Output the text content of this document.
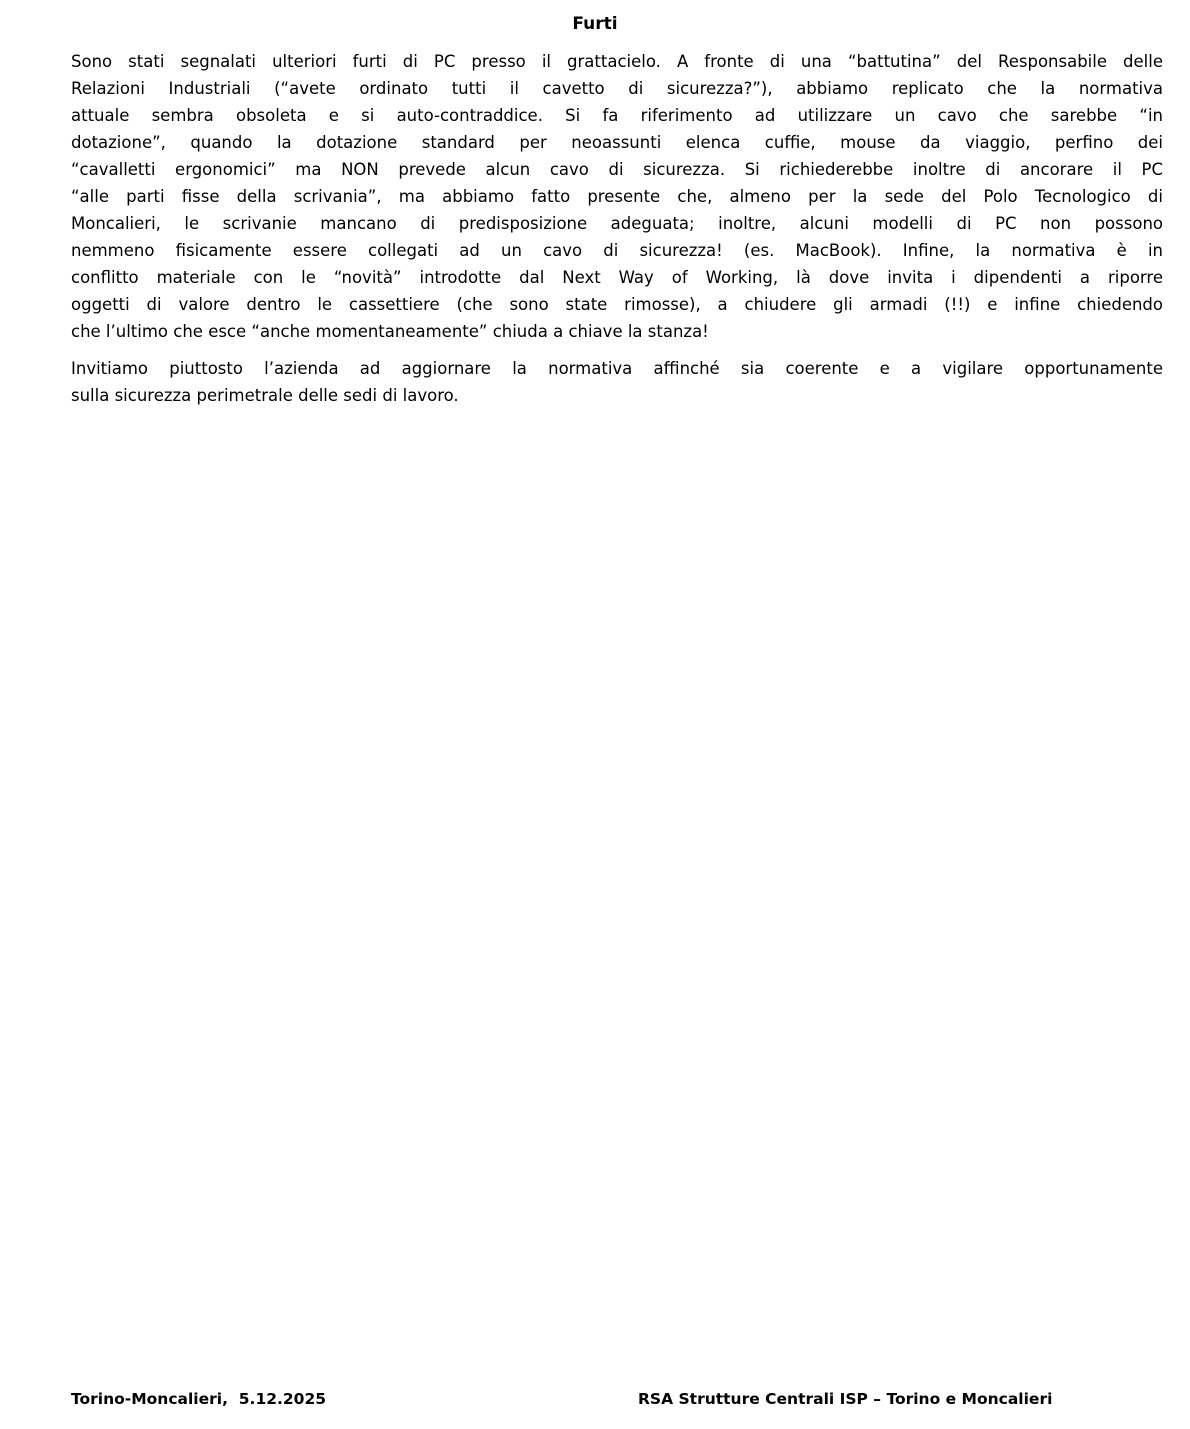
Furti

Sono stati segnalati ulteriori furti di PC presso il grattacielo. A fronte di una “battutina” del Responsabile delle
Relazioni Industriali (“avete ordinato tutti il cavetto di sicurezza?”), abbiamo replicato che la normativa
attuale sembra obsoleta e si auto-contraddice. Si fa riferimento ad utilizzare un cavo che sarebbe “in
dotazione”, quando la dotazione standard per neoassunti elenca cuffie, mouse da viaggio, perfino dei
“cavalletti ergonomici” ma NON prevede alcun cavo di sicurezza. Si richiederebbe inoltre di ancorare il PC
“alle parti fisse della scrivania”, ma abbiamo fatto presente che, almeno per la sede del Polo Tecnologico di
Moncalieri, le scrivanie mancano di predisposizione adeguata; inoltre, alcuni modelli di PC non possono
nemmeno fisicamente essere collegati ad un cavo di sicurezza! (es. MacBook). Infine, la normativa è in
conflitto materiale con le “novità” introdotte dal Next Way of Working, là dove invita i dipendenti a riporre
oggetti di valore dentro le cassettiere (che sono state rimosse), a chiudere gli armadi (!!) e infine chiedendo
che l’ultimo che esce “anche momentaneamente” chiuda a chiave la stanza!

Invitiamo piuttosto l’azienda ad aggiornare la normativa affinché sia coerente e a vigilare opportunamente
sulla sicurezza perimetrale delle sedi di lavoro.

Torino-Moncalieri,  5.12.2025	RSA Strutture Centrali ISP – Torino e Moncalieri
